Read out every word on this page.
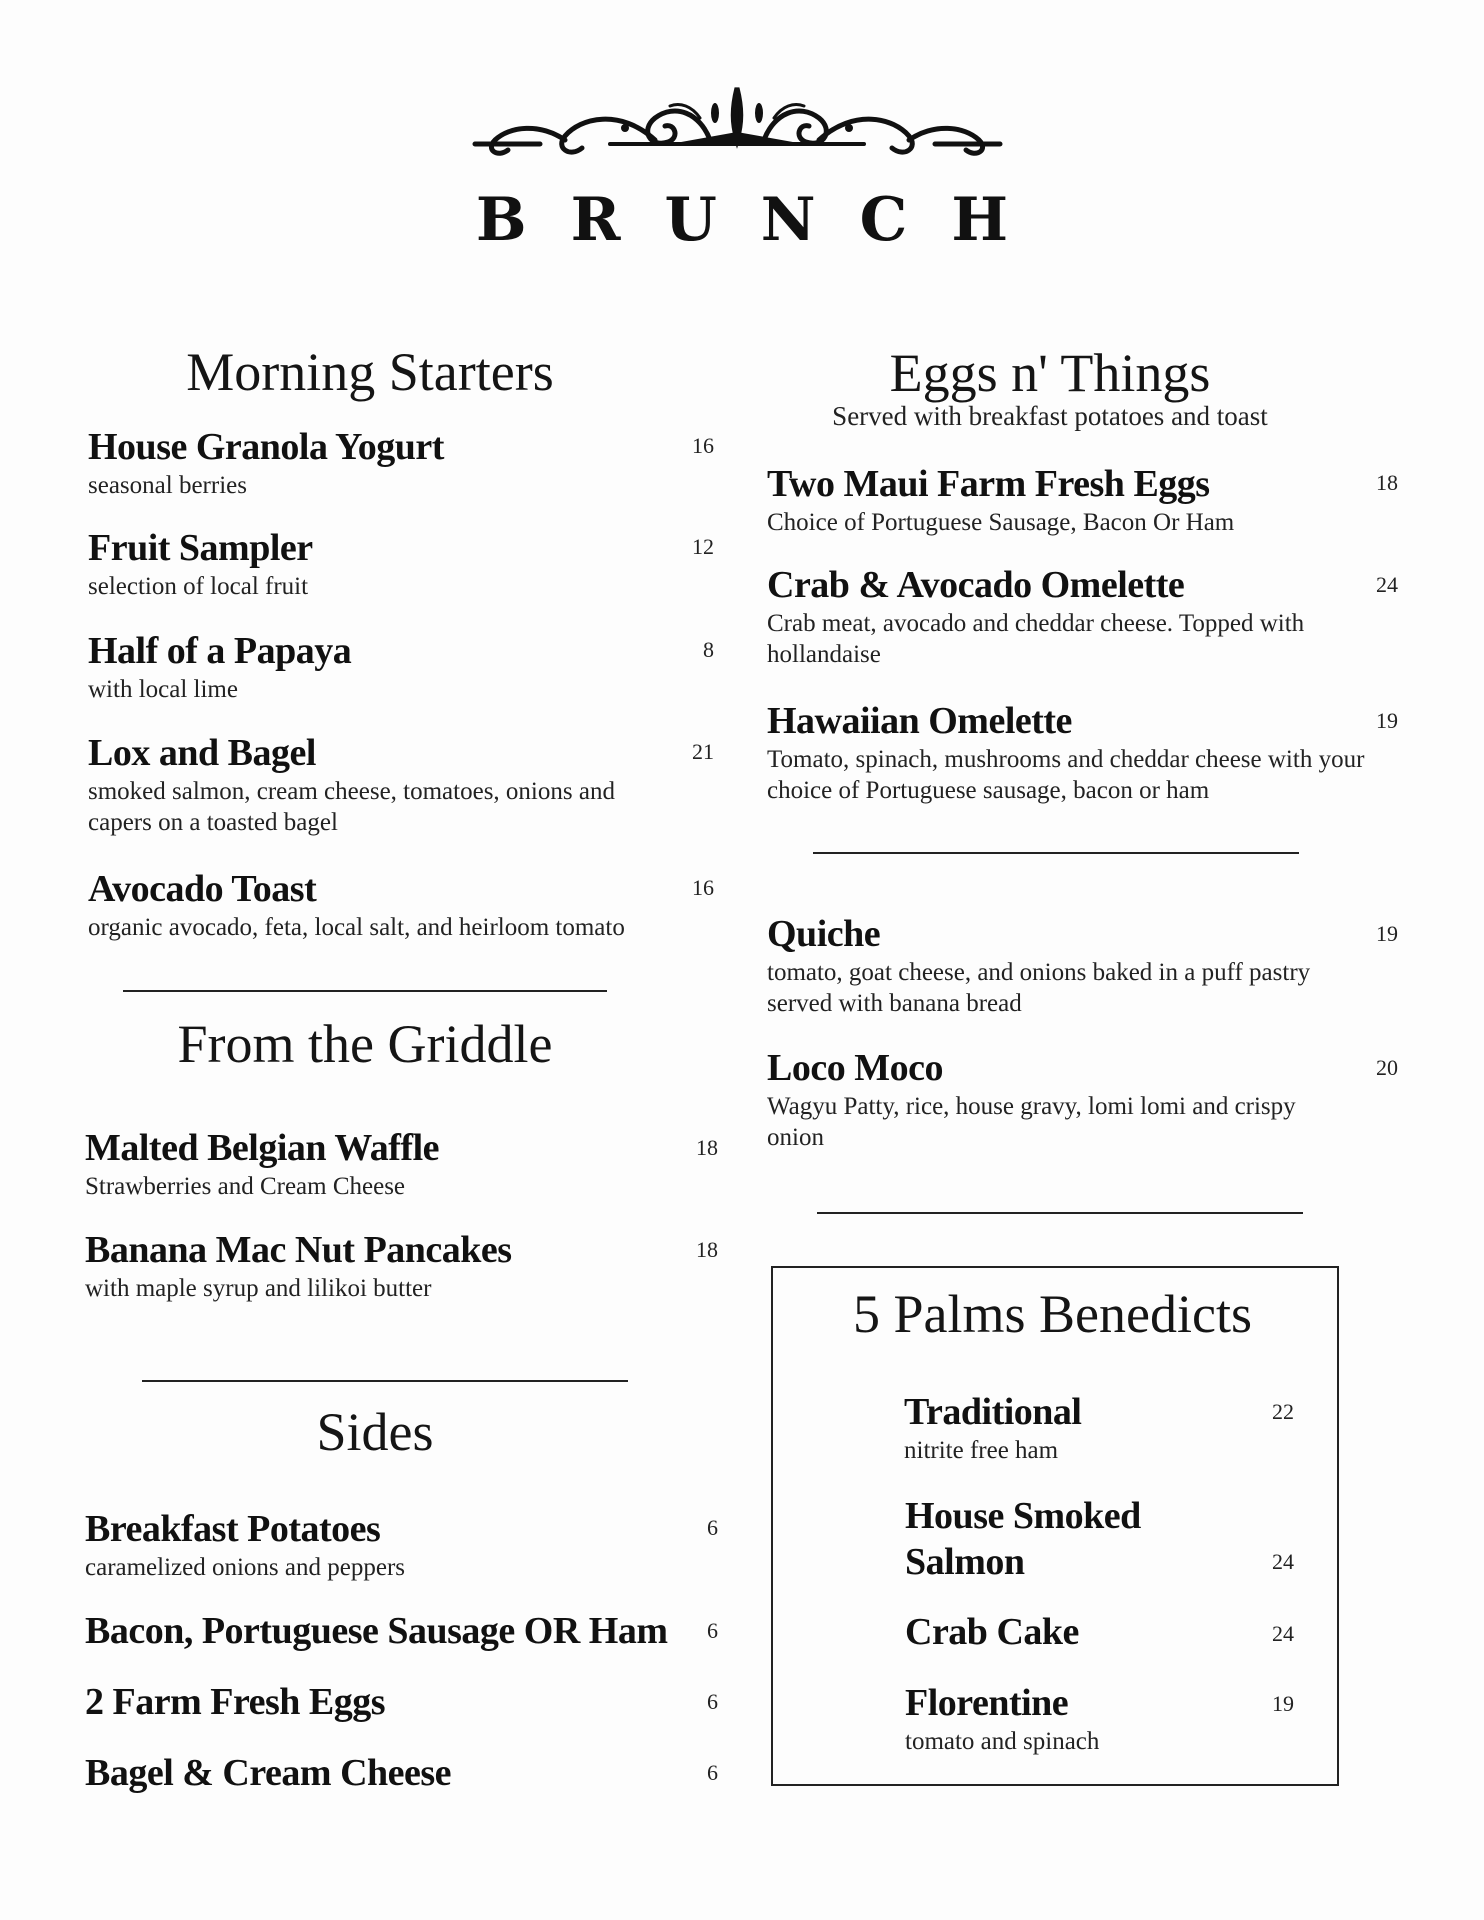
BRUNCH
Morning Starters
House Granola Yogurt
seasonal berries
16
Fruit Sampler
selection of local fruit
12
Half of a Papaya
with local lime
8
Lox and Bagel
smoked salmon, cream cheese, tomatoes, onions and capers on a toasted bagel
21
Avocado Toast
organic avocado, feta, local salt, and heirloom tomato
16
From the Griddle
Malted Belgian Waffle
Strawberries and Cream Cheese
18
Banana Mac Nut Pancakes
with maple syrup and lilikoi butter
18
Sides
Breakfast Potatoes
caramelized onions and peppers
6
Bacon, Portuguese Sausage OR Ham	6
2 Farm Fresh Eggs	6
Bagel & Cream Cheese	6
Eggs n' Things
Served with breakfast potatoes and toast
Two Maui Farm Fresh Eggs
Choice of Portuguese Sausage, Bacon Or Ham
18
Crab & Avocado Omelette
Crab meat, avocado and cheddar cheese. Topped with hollandaise
24
Hawaiian Omelette
Tomato, spinach, mushrooms and cheddar cheese with your choice of Portuguese sausage, bacon or ham
19
Quiche
tomato, goat cheese, and onions baked in a puff pastry served with banana bread
19
Loco Moco
Wagyu Patty, rice, house gravy, lomi lomi and crispy onion
20
5 Palms Benedicts
Traditional
nitrite free ham
22
House Smoked Salmon	24
Crab Cake	24
Florentine
tomato and spinach
19
